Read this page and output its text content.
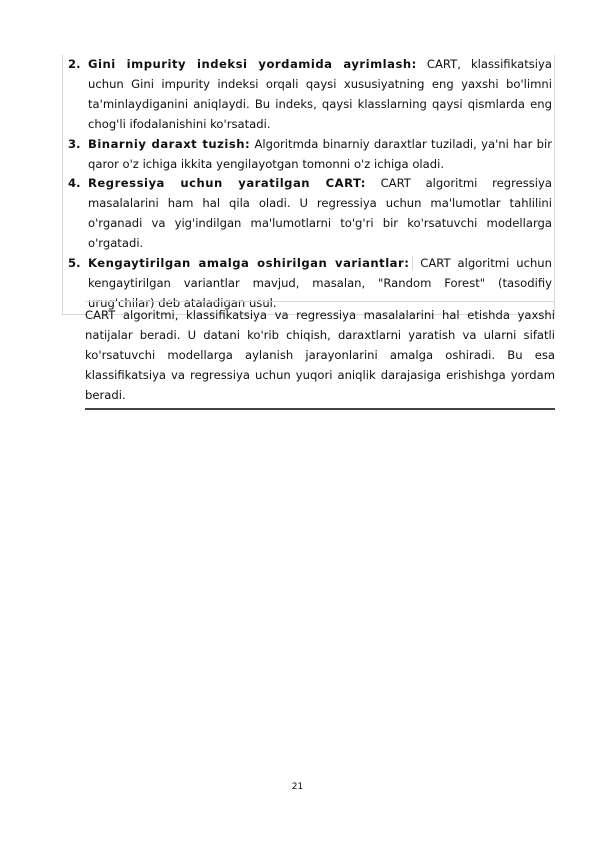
2. Gini impurity indeksi yordamida ayrimlash: CART, klassifikatsiya uchun Gini impurity indeksi orqali qaysi xususiyatning eng yaxshi bo'limni ta'minlaydiganini aniqlaydi. Bu indeks, qaysi klasslarning qaysi qismlarda eng chog'li ifodalanishini ko'rsatadi.
3. Binarniy daraxt tuzish: Algoritmda binarniy daraxtlar tuziladi, ya'ni har bir qaror o'z ichiga ikkita yengilayotgan tomonni o'z ichiga oladi.
4. Regressiya uchun yaratilgan CART: CART algoritmi regressiya masalalarini ham hal qila oladi. U regressiya uchun ma'lumotlar tahlilini o'rganadi va yig'indilgan ma'lumotlarni to'g'ri bir ko'rsatuvchi modellarga o'rgatadi.
5. Kengaytirilgan amalga oshirilgan variantlar: CART algoritmi uchun kengaytirilgan variantlar mavjud, masalan, "Random Forest" (tasodifiy urug'chilar) deb ataladigan usul.
CART algoritmi, klassifikatsiya va regressiya masalalarini hal etishda yaxshi natijalar beradi. U datani ko'rib chiqish, daraxtlarni yaratish va ularni sifatli ko'rsatuvchi modellarga aylanish jarayonlarini amalga oshiradi. Bu esa klassifikatsiya va regressiya uchun yuqori aniqlik darajasiga erishishga yordam beradi.
21
